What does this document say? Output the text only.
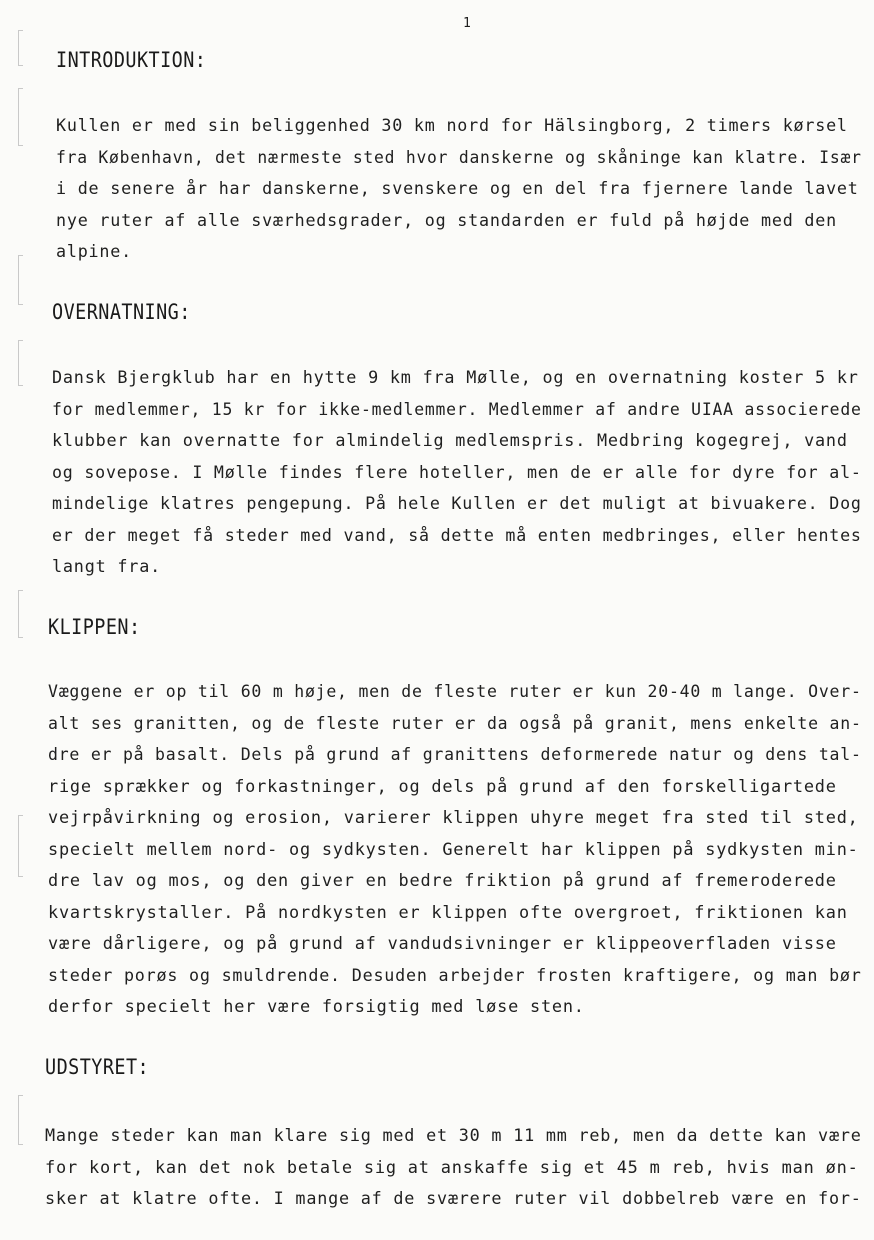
1
INTRODUKTION:

Kullen er med sin beliggenhed 30 km nord for Hälsingborg, 2 timers kørsel
fra København, det nærmeste sted hvor danskerne og skåninge kan klatre. Især
i de senere år har danskerne, svenskere og en del fra fjernere lande lavet
nye ruter af alle sværhedsgrader, og standarden er fuld på højde med den
alpine.

OVERNATNING:

Dansk Bjergklub har en hytte 9 km fra Mølle, og en overnatning koster 5 kr
for medlemmer, 15 kr for ikke-medlemmer. Medlemmer af andre UIAA associerede
klubber kan overnatte for almindelig medlemspris. Medbring kogegrej, vand
og sovepose. I Mølle findes flere hoteller, men de er alle for dyre for al-
mindelige klatres pengepung. På hele Kullen er det muligt at bivuakere. Dog
er der meget få steder med vand, så dette må enten medbringes, eller hentes
langt fra.

KLIPPEN:

Væggene er op til 60 m høje, men de fleste ruter er kun 20-40 m lange. Over-
alt ses granitten, og de fleste ruter er da også på granit, mens enkelte an-
dre er på basalt. Dels på grund af granittens deformerede natur og dens tal-
rige sprækker og forkastninger, og dels på grund af den forskelligartede
vejrpåvirkning og erosion, varierer klippen uhyre meget fra sted til sted,
specielt mellem nord- og sydkysten. Generelt har klippen på sydkysten min-
dre lav og mos, og den giver en bedre friktion på grund af fremeroderede
kvartskrystaller. På nordkysten er klippen ofte overgroet, friktionen kan
være dårligere, og på grund af vandudsivninger er klippeoverfladen visse
steder porøs og smuldrende. Desuden arbejder frosten kraftigere, og man bør
derfor specielt her være forsigtig med løse sten.

UDSTYRET:

Mange steder kan man klare sig med et 30 m 11 mm reb, men da dette kan være
for kort, kan det nok betale sig at anskaffe sig et 45 m reb, hvis man øn-
sker at klatre ofte. I mange af de sværere ruter vil dobbelreb være en for-
